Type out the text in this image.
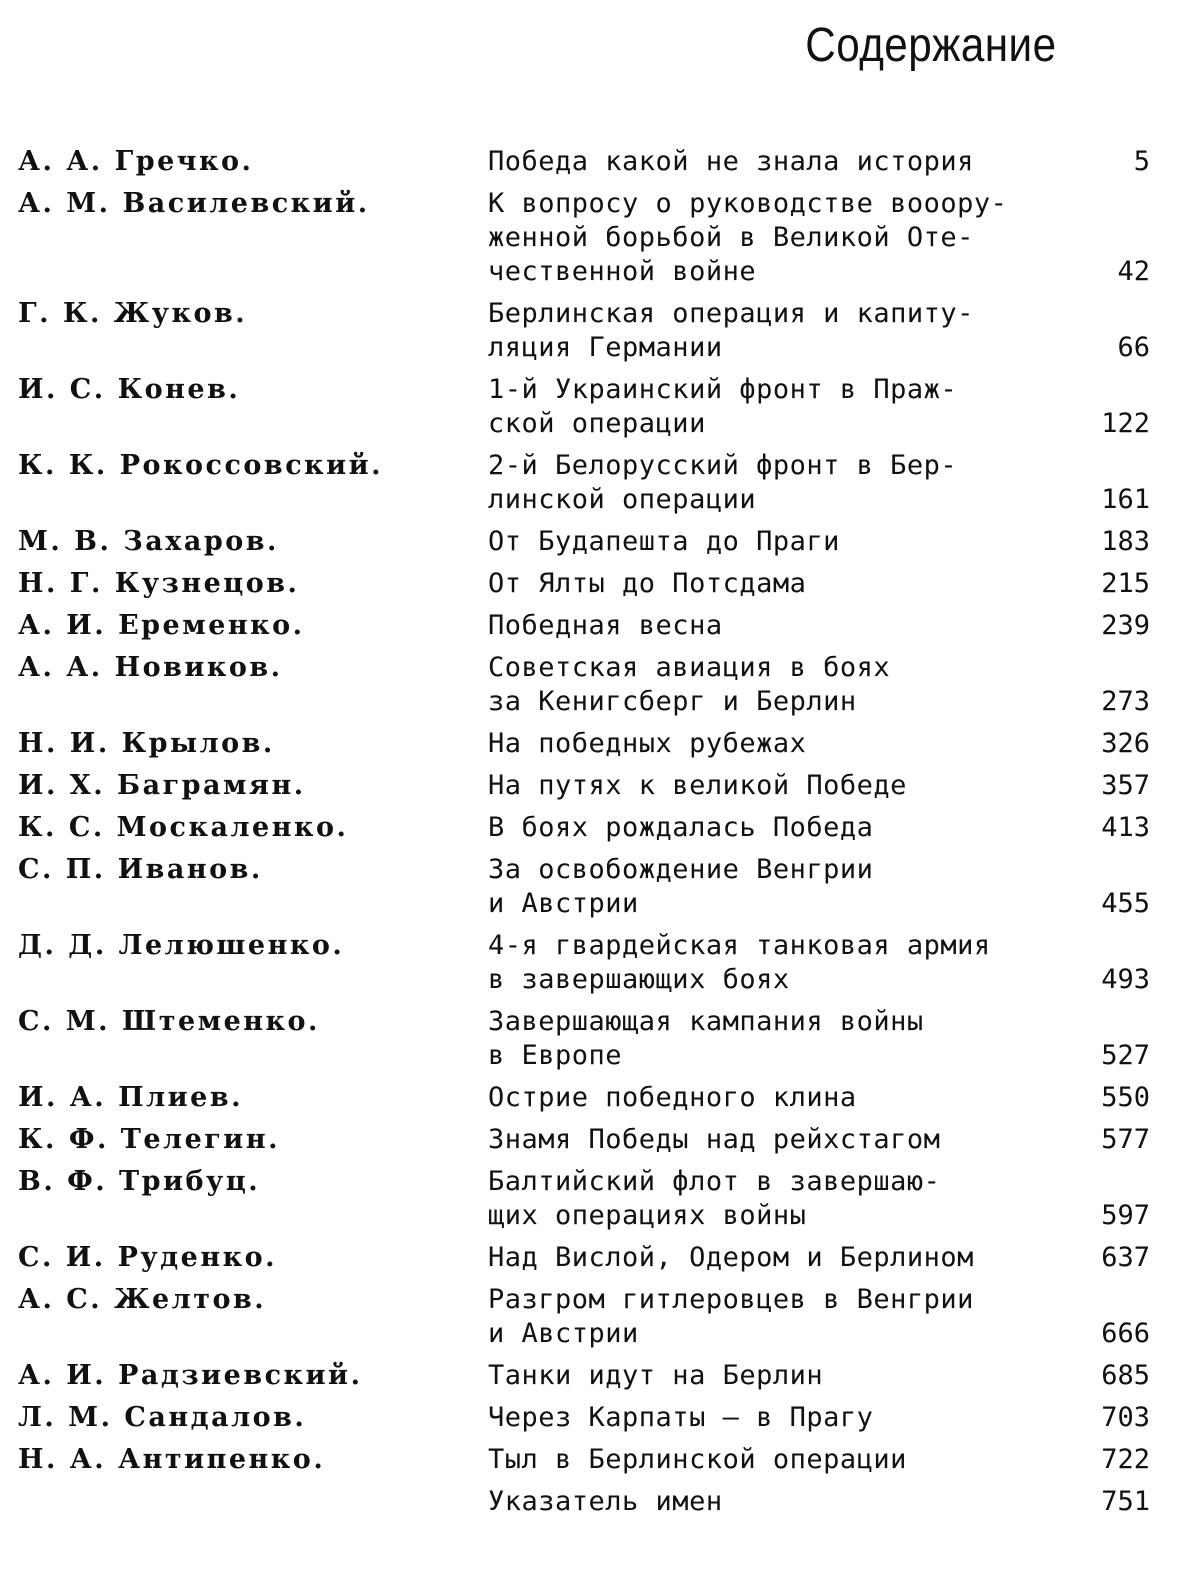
Содержание
А. А. Гречко.	Победа какой не знала история	5
А. М. Василевский.	К вопросу о руководстве вооору-
женной борьбой в Великой Оте-
чественной войне	42
Г. К. Жуков.	Берлинская операция и капиту-
ляция Германии	66
И. С. Конев.	1-й Украинский фронт в Праж-
ской операции	122
К. К. Рокоссовский.	2-й Белорусский фронт в Бер-
линской операции	161
М. В. Захаров.	От Будапешта до Праги	183
Н. Г. Кузнецов.	От Ялты до Потсдама	215
А. И. Еременко.	Победная весна	239
А. А. Новиков.	Советская авиация в боях
за Кенигсберг и Берлин	273
Н. И. Крылов.	На победных рубежах	326
И. Х. Баграмян.	На путях к великой Победе	357
К. С. Москаленко.	В боях рождалась Победа	413
С. П. Иванов.	За освобождение Венгрии
и Австрии	455
Д. Д. Лелюшенко.	4-я гвардейская танковая армия
в завершающих боях	493
С. М. Штеменко.	Завершающая кампания войны
в Европе	527
И. А. Плиев.	Острие победного клина	550
К. Ф. Телегин.	Знамя Победы над рейхстагом	577
В. Ф. Трибуц.	Балтийский флот в завершаю-
щих операциях войны	597
С. И. Руденко.	Над Вислой, Одером и Берлином	637
А. С. Желтов.	Разгром гитлеровцев в Венгрии
и Австрии	666
А. И. Радзиевский.	Танки идут на Берлин	685
Л. М. Сандалов.	Через Карпаты — в Прагу	703
Н. А. Антипенко.	Тыл в Берлинской операции	722
Указатель имен	751
